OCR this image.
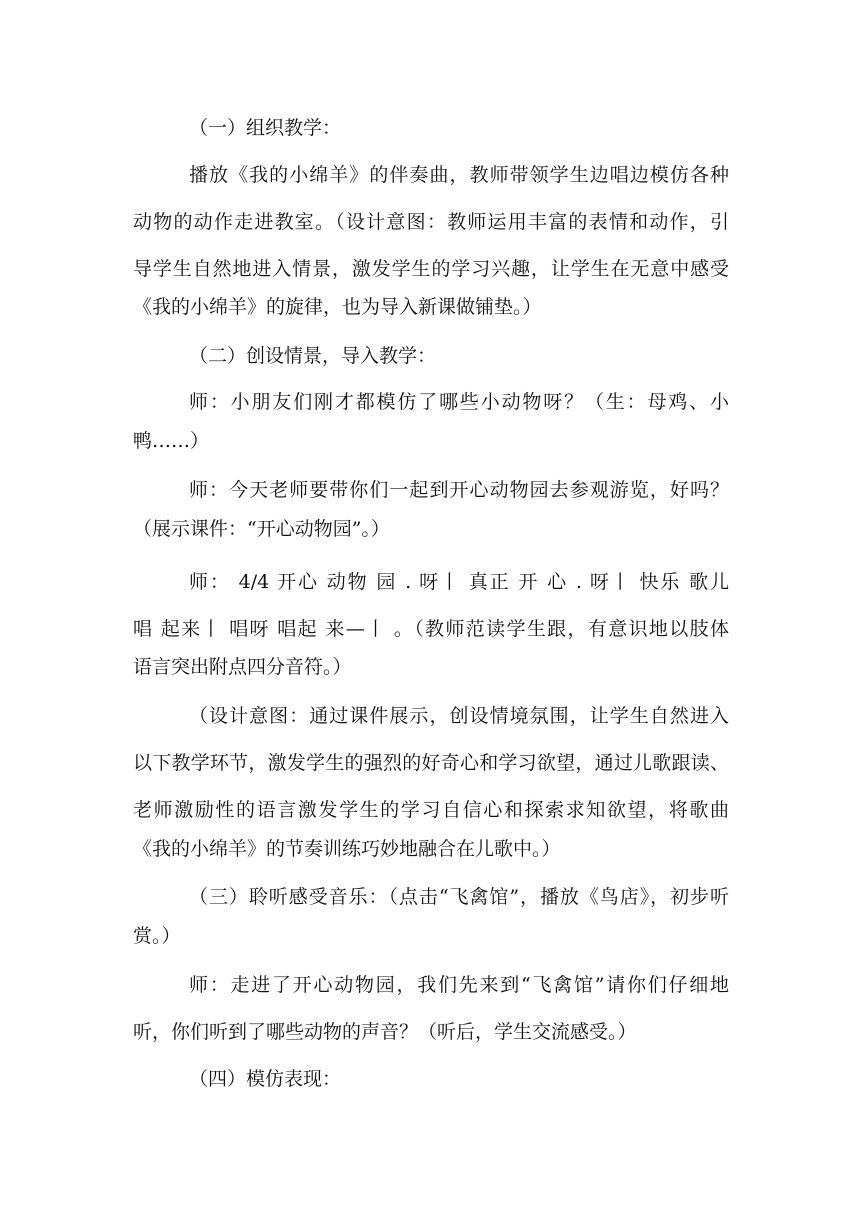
（一）组织教学：
播放《我的小绵羊》的伴奏曲，教师带领学生边唱边模仿各种
动物的动作走进教室。（设计意图：教师运用丰富的表情和动作，引
导学生自然地进入情景，激发学生的学习兴趣，让学生在无意中感受
《我的小绵羊》的旋律，也为导入新课做铺垫。）
（二）创设情景，导入教学：
师：小朋友们刚才都模仿了哪些小动物呀？（生：母鸡、小
鸭……）
师：今天老师要带你们一起到开心动物园去参观游览，好吗？
（展示课件：“开心动物园”。）
师： 4/4 开心 动物 园 . 呀丨 真正 开 心 . 呀丨 快乐 歌儿
唱 起来丨 唱呀 唱起 来—丨 。（教师范读学生跟，有意识地以肢体
语言突出附点四分音符。）
（设计意图：通过课件展示，创设情境氛围，让学生自然进入
以下教学环节，激发学生的强烈的好奇心和学习欲望，通过儿歌跟读、
老师激励性的语言激发学生的学习自信心和探索求知欲望，将歌曲
《我的小绵羊》的节奏训练巧妙地融合在儿歌中。）
（三）聆听感受音乐：（点击“飞禽馆”，播放《鸟店》，初步听
赏。）
师：走进了开心动物园，我们先来到“飞禽馆”请你们仔细地
听，你们听到了哪些动物的声音？（听后，学生交流感受。）
（四）模仿表现：
